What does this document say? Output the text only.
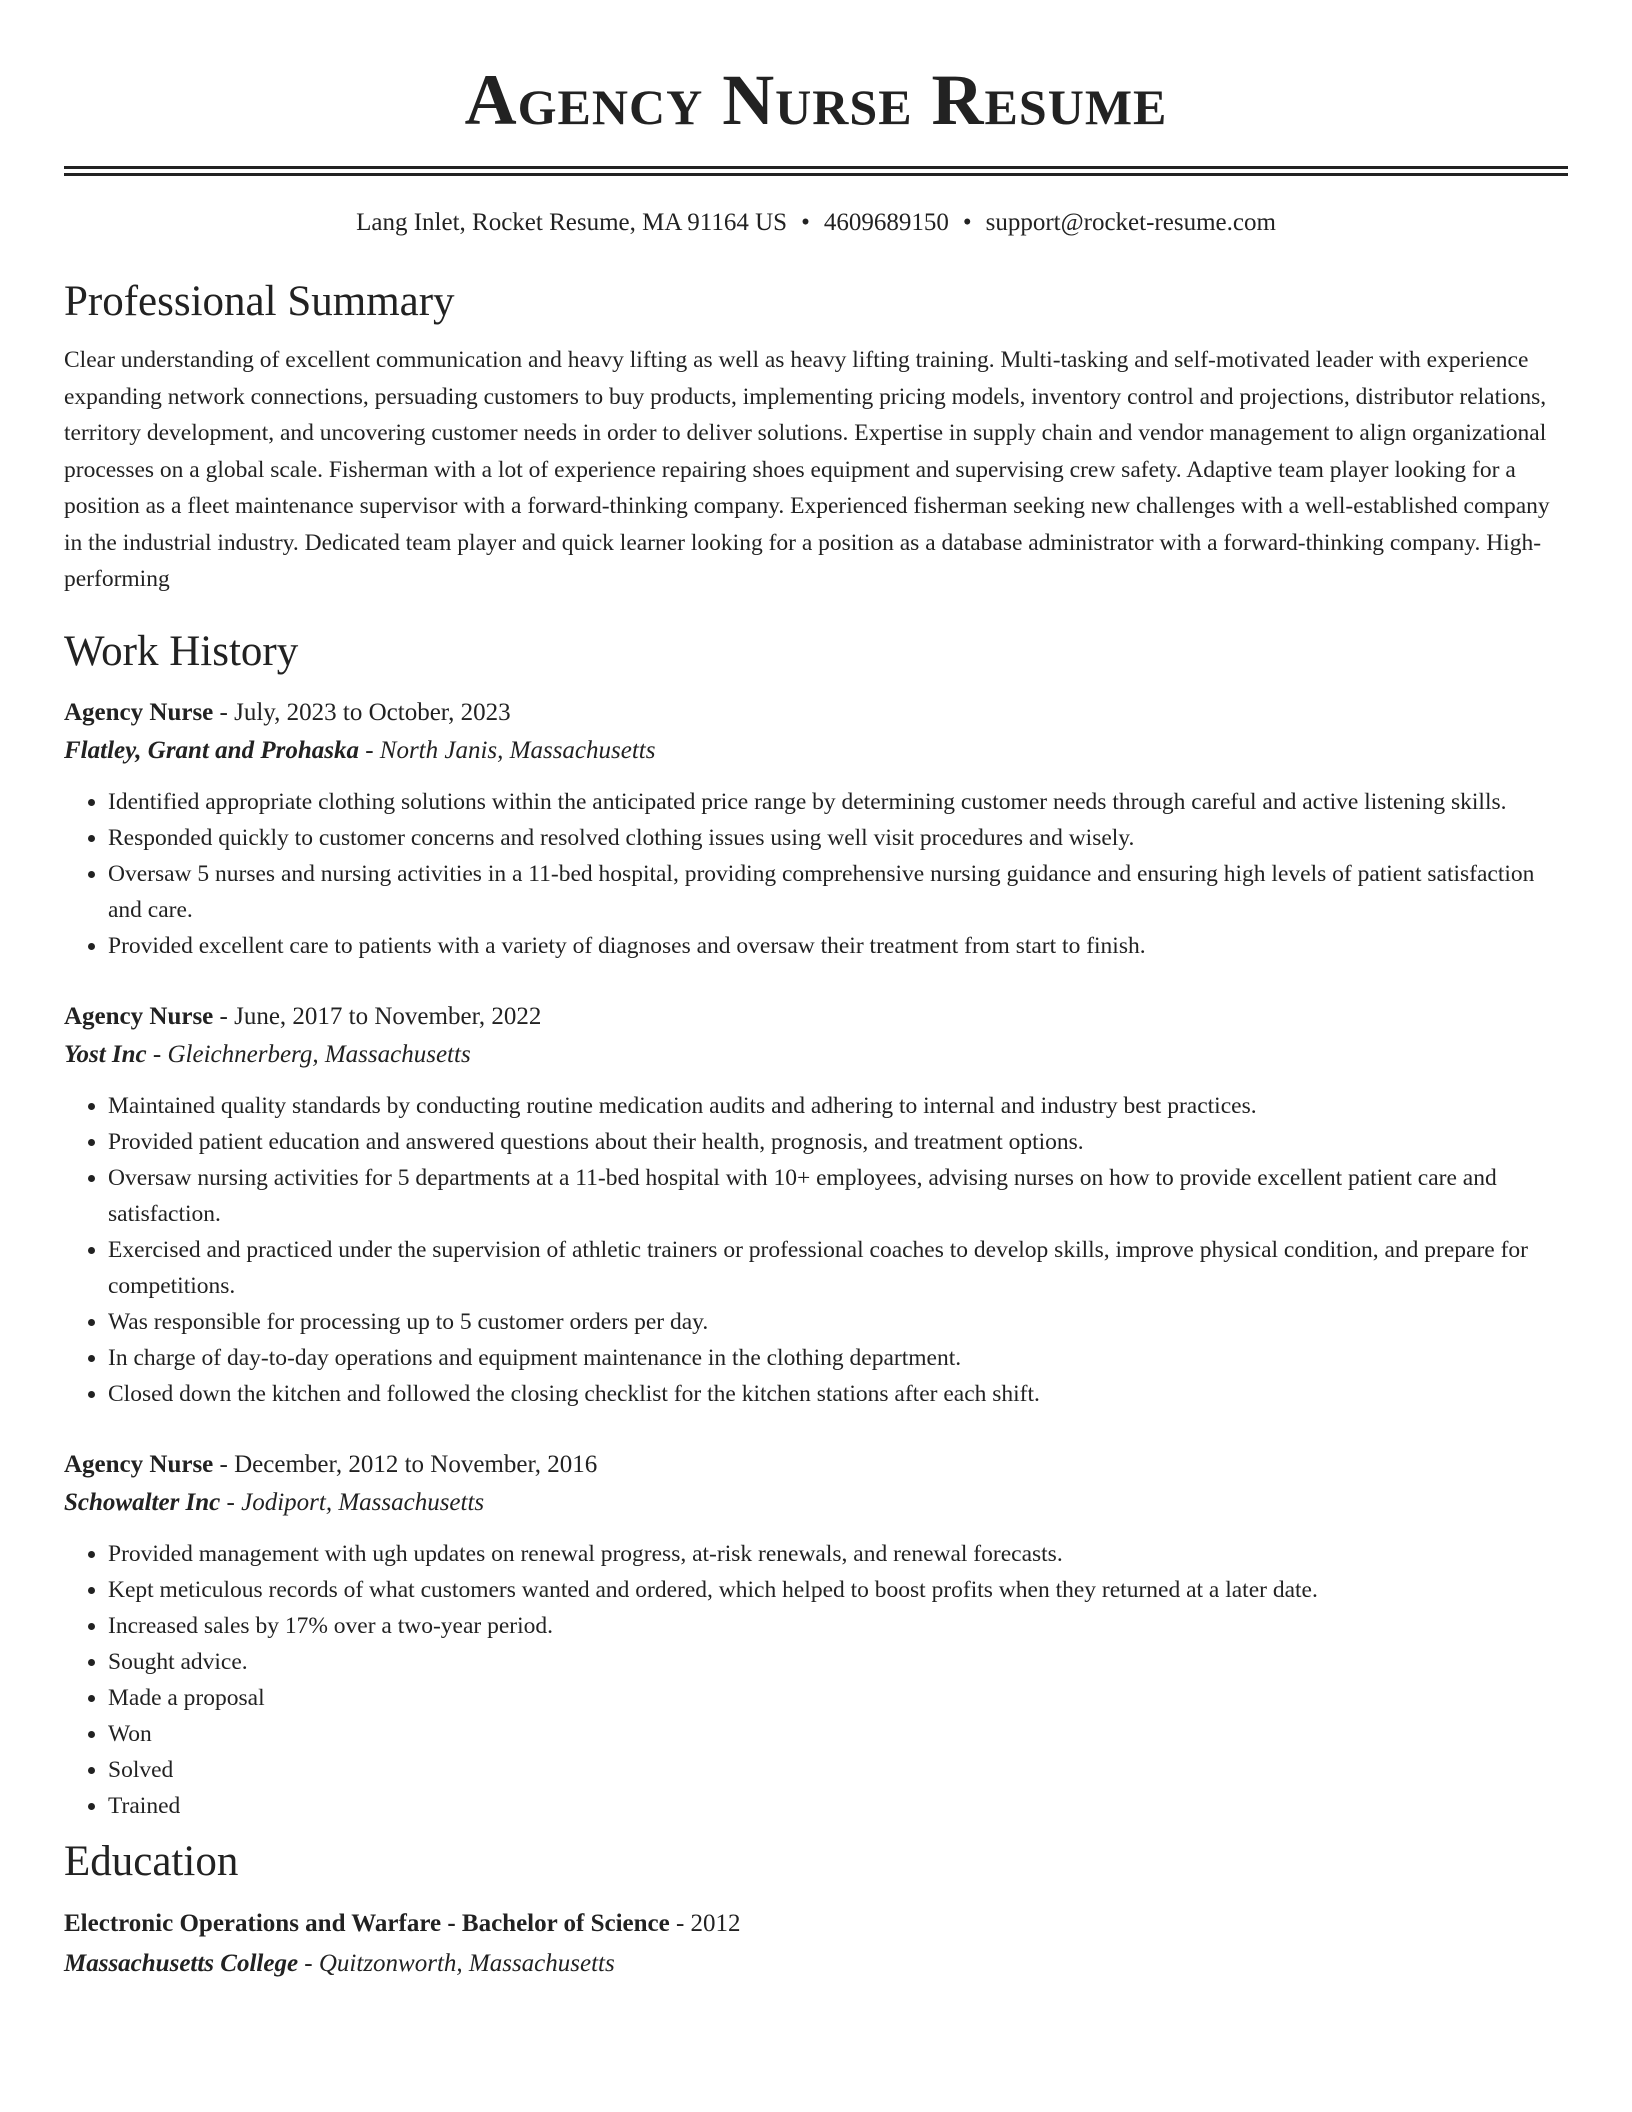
Agency Nurse Resume
Lang Inlet, Rocket Resume, MA 91164 US • 4609689150 • support@rocket-resume.com
Professional Summary

Clear understanding of excellent communication and heavy lifting as well as heavy lifting training. Multi-tasking and self-motivated leader with experience expanding network connections, persuading customers to buy products, implementing pricing models, inventory control and projections, distributor relations, territory development, and uncovering customer needs in order to deliver solutions. Expertise in supply chain and vendor management to align organizational processes on a global scale. Fisherman with a lot of experience repairing shoes equipment and supervising crew safety. Adaptive team player looking for a position as a fleet maintenance supervisor with a forward-thinking company. Experienced fisherman seeking new challenges with a well-established company in the industrial industry. Dedicated team player and quick learner looking for a position as a database administrator with a forward-thinking company. High-performing

Work History

Agency Nurse - July, 2023 to October, 2023

Flatley, Grant and Prohaska - North Janis, Massachusetts

• Identified appropriate clothing solutions within the anticipated price range by determining customer needs through careful and active listening skills.
• Responded quickly to customer concerns and resolved clothing issues using well visit procedures and wisely.
• Oversaw 5 nurses and nursing activities in a 11-bed hospital, providing comprehensive nursing guidance and ensuring high levels of patient satisfaction and care.
• Provided excellent care to patients with a variety of diagnoses and oversaw their treatment from start to finish.

Agency Nurse - June, 2017 to November, 2022

Yost Inc - Gleichnerberg, Massachusetts

• Maintained quality standards by conducting routine medication audits and adhering to internal and industry best practices.
• Provided patient education and answered questions about their health, prognosis, and treatment options.
• Oversaw nursing activities for 5 departments at a 11-bed hospital with 10+ employees, advising nurses on how to provide excellent patient care and satisfaction.
• Exercised and practiced under the supervision of athletic trainers or professional coaches to develop skills, improve physical condition, and prepare for competitions.
• Was responsible for processing up to 5 customer orders per day.
• In charge of day-to-day operations and equipment maintenance in the clothing department.
• Closed down the kitchen and followed the closing checklist for the kitchen stations after each shift.

Agency Nurse - December, 2012 to November, 2016

Schowalter Inc - Jodiport, Massachusetts

• Provided management with ugh updates on renewal progress, at-risk renewals, and renewal forecasts.
• Kept meticulous records of what customers wanted and ordered, which helped to boost profits when they returned at a later date.
• Increased sales by 17% over a two-year period.
• Sought advice.
• Made a proposal
• Won
• Solved
• Trained
Education

Electronic Operations and Warfare - Bachelor of Science - 2012

Massachusetts College - Quitzonworth, Massachusetts
